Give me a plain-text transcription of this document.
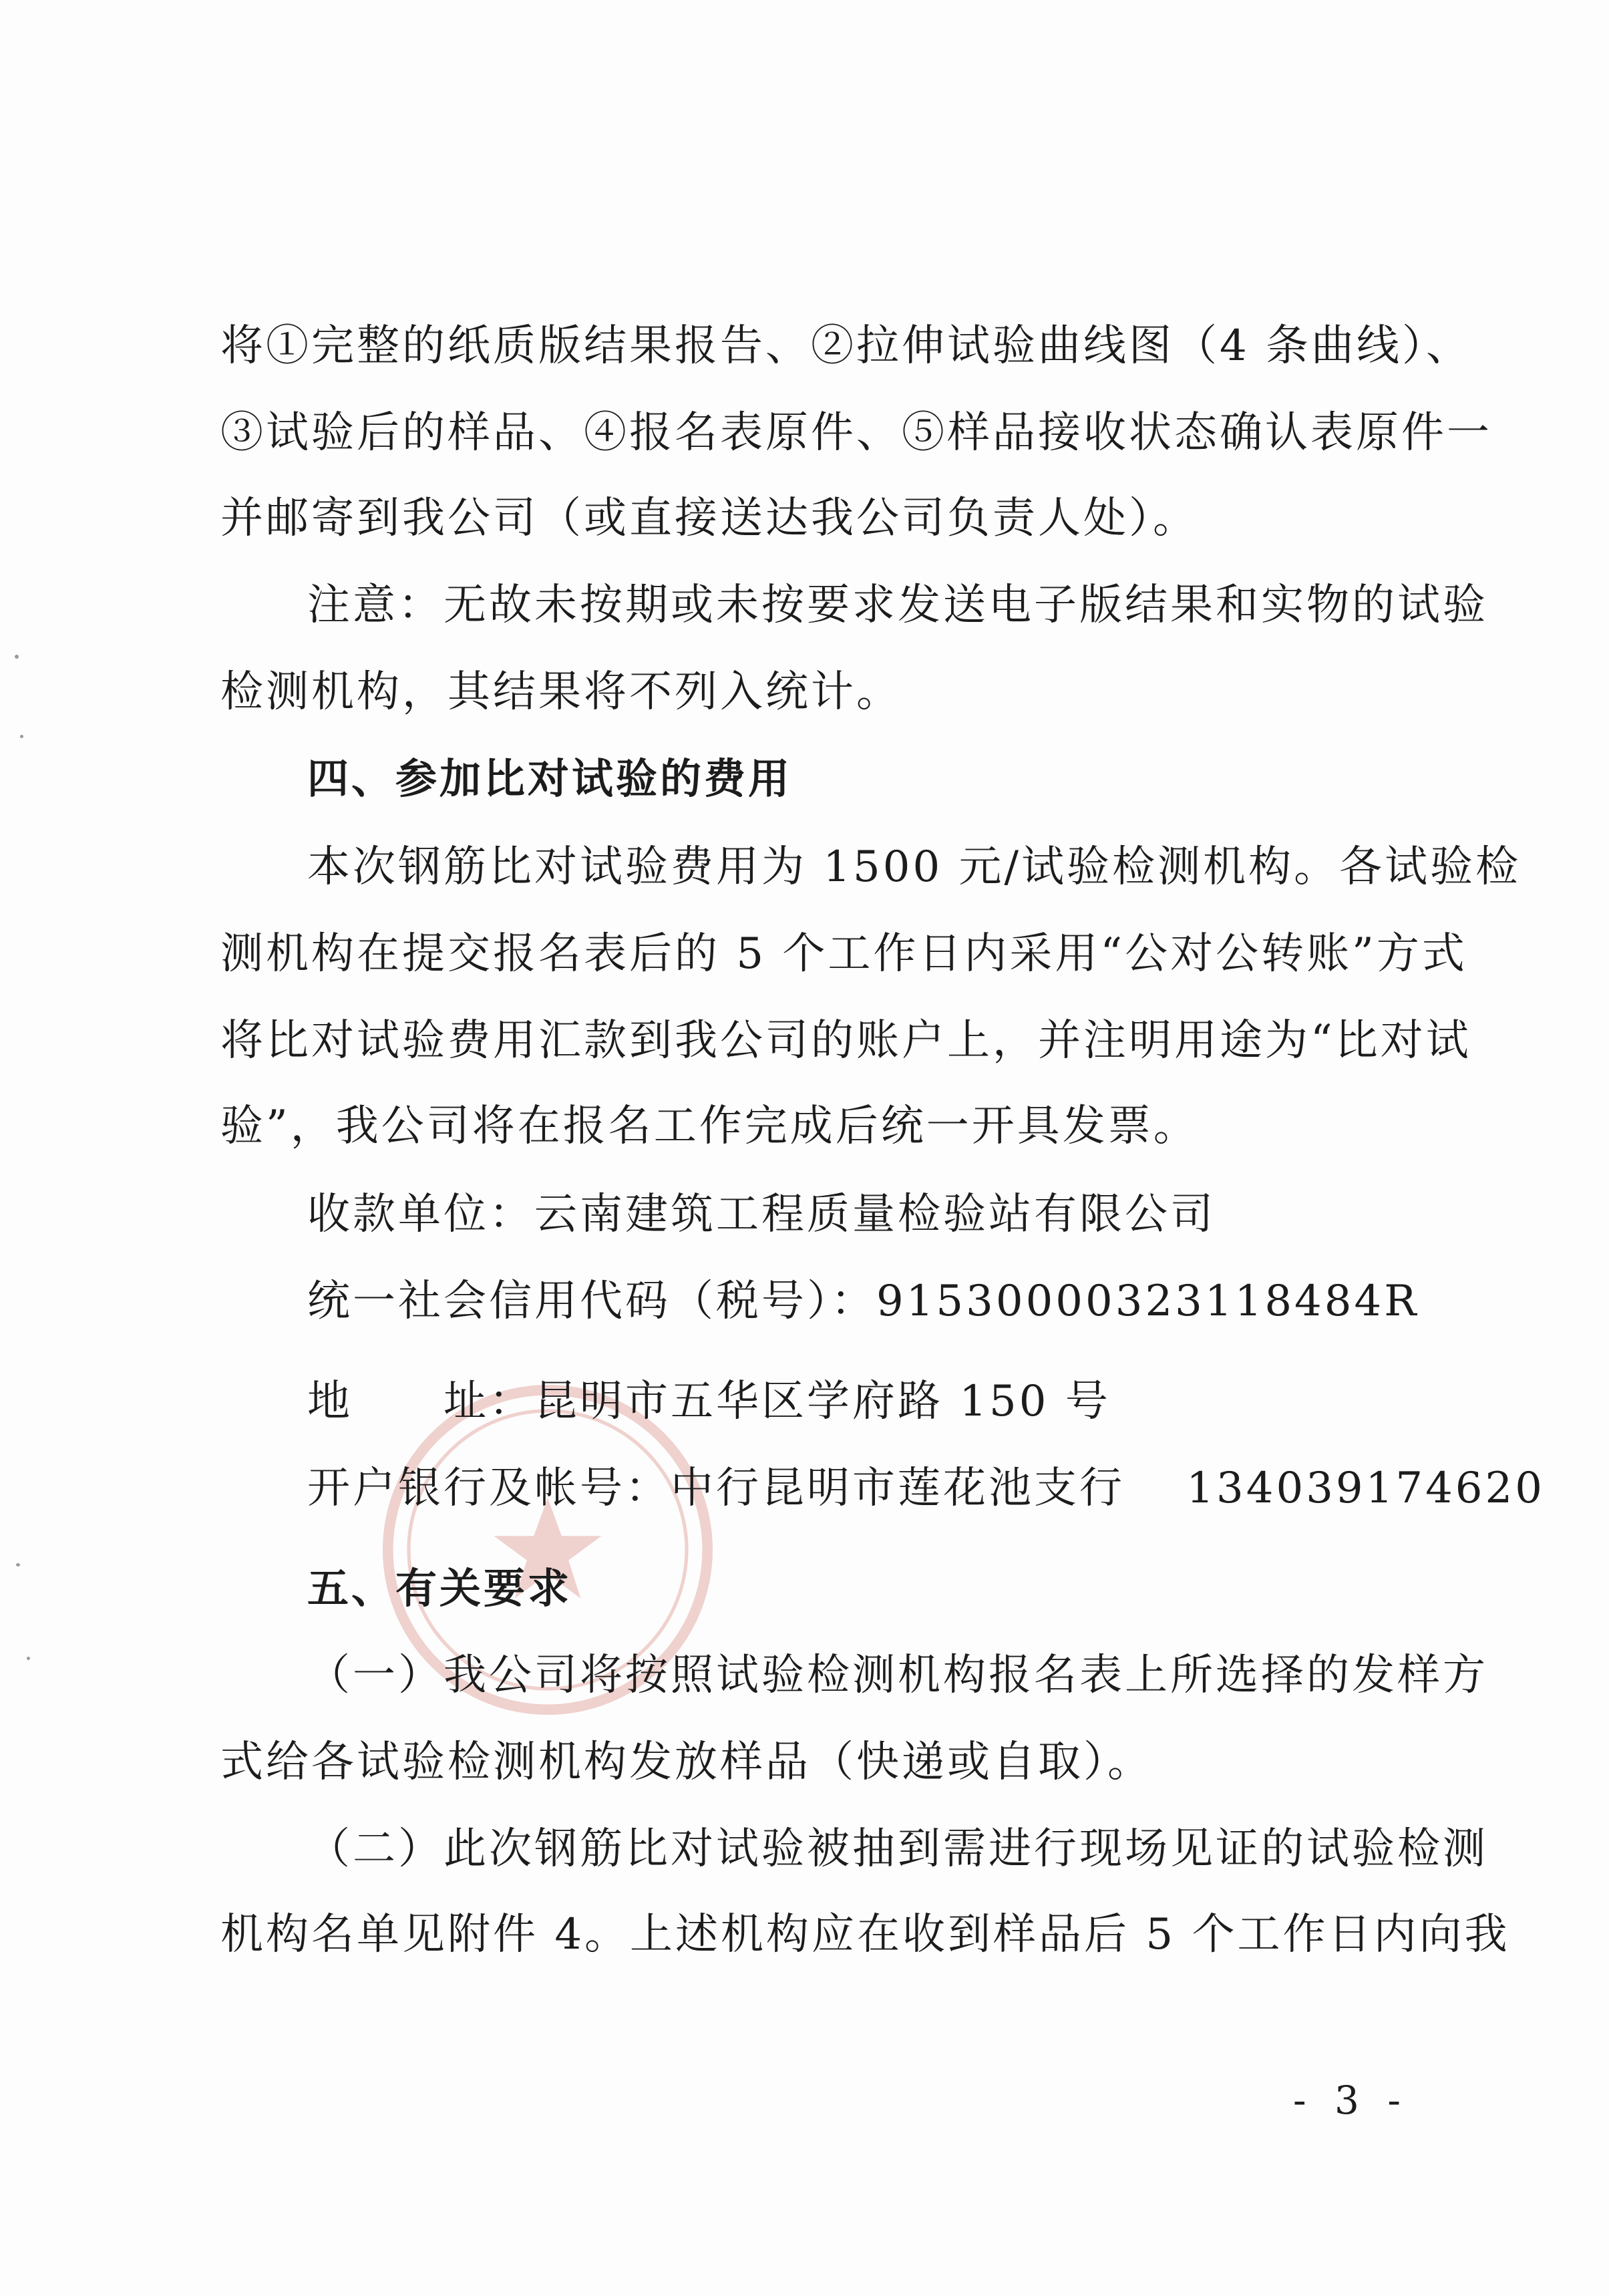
将①完整的纸质版结果报告、②拉伸试验曲线图（4 条曲线）、
③试验后的样品、④报名表原件、⑤样品接收状态确认表原件一
并邮寄到我公司（或直接送达我公司负责人处）。
注意：无故未按期或未按要求发送电子版结果和实物的试验
检测机构，其结果将不列入统计。
四、参加比对试验的费用
本次钢筋比对试验费用为 1500 元/试验检测机构。各试验检
测机构在提交报名表后的 5 个工作日内采用“公对公转账”方式
将比对试验费用汇款到我公司的账户上，并注明用途为“比对试
验”，我公司将在报名工作完成后统一开具发票。
收款单位：云南建筑工程质量检验站有限公司
统一社会信用代码（税号）：91530000323118484R
地　　址：昆明市五华区学府路 150 号
开户银行及帐号：中行昆明市莲花池支行　 134039174620
五、有关要求
（一）我公司将按照试验检测机构报名表上所选择的发样方
式给各试验检测机构发放样品（快递或自取）。
（二）此次钢筋比对试验被抽到需进行现场见证的试验检测
机构名单见附件 4。上述机构应在收到样品后 5 个工作日内向我
- 3 -
